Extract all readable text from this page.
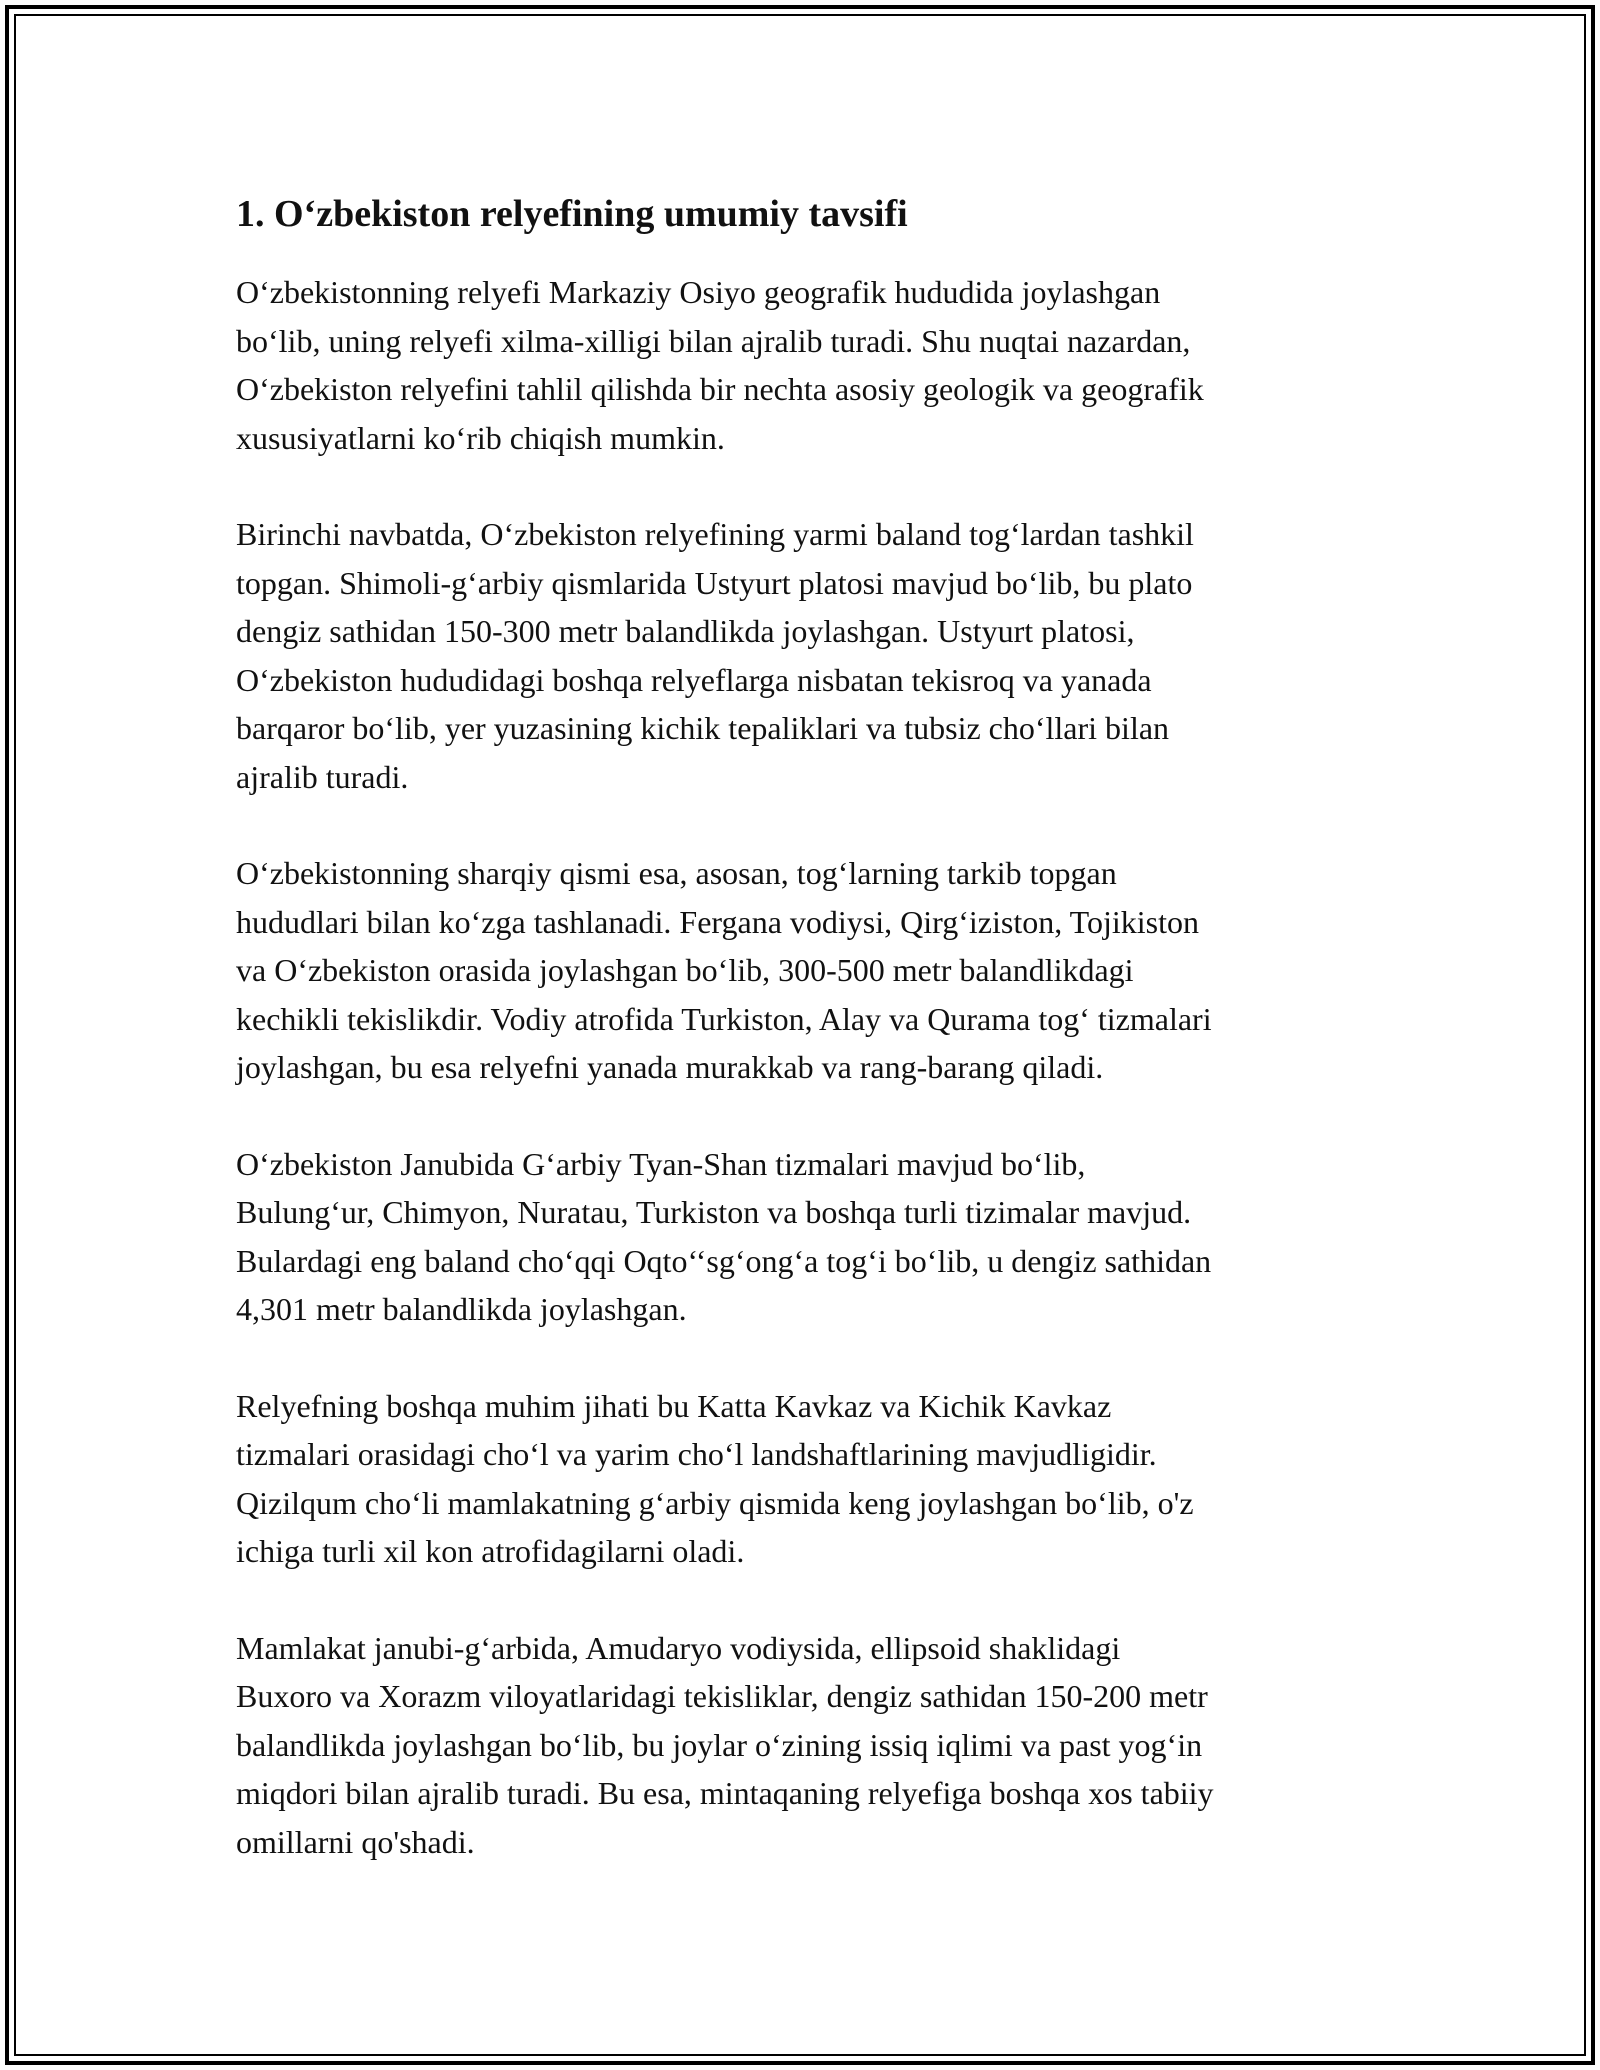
1. O‘zbekiston relyefining umumiy tavsifi

O‘zbekistonning relyefi Markaziy Osiyo geografik hududida joylashgan
bo‘lib, uning relyefi xilma-xilligi bilan ajralib turadi. Shu nuqtai nazardan,
O‘zbekiston relyefini tahlil qilishda bir nechta asosiy geologik va geografik
xususiyatlarni ko‘rib chiqish mumkin.

Birinchi navbatda, O‘zbekiston relyefining yarmi baland tog‘lardan tashkil
topgan. Shimoli-g‘arbiy qismlarida Ustyurt platosi mavjud bo‘lib, bu plato
dengiz sathidan 150-300 metr balandlikda joylashgan. Ustyurt platosi,
O‘zbekiston hududidagi boshqa relyeflarga nisbatan tekisroq va yanada
barqaror bo‘lib, yer yuzasining kichik tepaliklari va tubsiz cho‘llari bilan
ajralib turadi.

O‘zbekistonning sharqiy qismi esa, asosan, tog‘larning tarkib topgan
hududlari bilan ko‘zga tashlanadi. Fergana vodiysi, Qirg‘iziston, Tojikiston
va O‘zbekiston orasida joylashgan bo‘lib, 300-500 metr balandlikdagi
kechikli tekislikdir. Vodiy atrofida Turkiston, Alay va Qurama tog‘ tizmalari
joylashgan, bu esa relyefni yanada murakkab va rang-barang qiladi.

O‘zbekiston Janubida G‘arbiy Tyan-Shan tizmalari mavjud bo‘lib,
Bulung‘ur, Chimyon, Nuratau, Turkiston va boshqa turli tizimalar mavjud.
Bulardagi eng baland cho‘qqi Oqto‘‘sg‘ong‘a tog‘i bo‘lib, u dengiz sathidan
4,301 metr balandlikda joylashgan.

Relyefning boshqa muhim jihati bu Katta Kavkaz va Kichik Kavkaz
tizmalari orasidagi cho‘l va yarim cho‘l landshaftlarining mavjudligidir.
Qizilqum cho‘li mamlakatning g‘arbiy qismida keng joylashgan bo‘lib, o'z
ichiga turli xil kon atrofidagilarni oladi.

Mamlakat janubi-g‘arbida, Amudaryo vodiysida, ellipsoid shaklidagi
Buxoro va Xorazm viloyatlaridagi tekisliklar, dengiz sathidan 150-200 metr
balandlikda joylashgan bo‘lib, bu joylar o‘zining issiq iqlimi va past yog‘in
miqdori bilan ajralib turadi. Bu esa, mintaqaning relyefiga boshqa xos tabiiy
omillarni qo'shadi.
